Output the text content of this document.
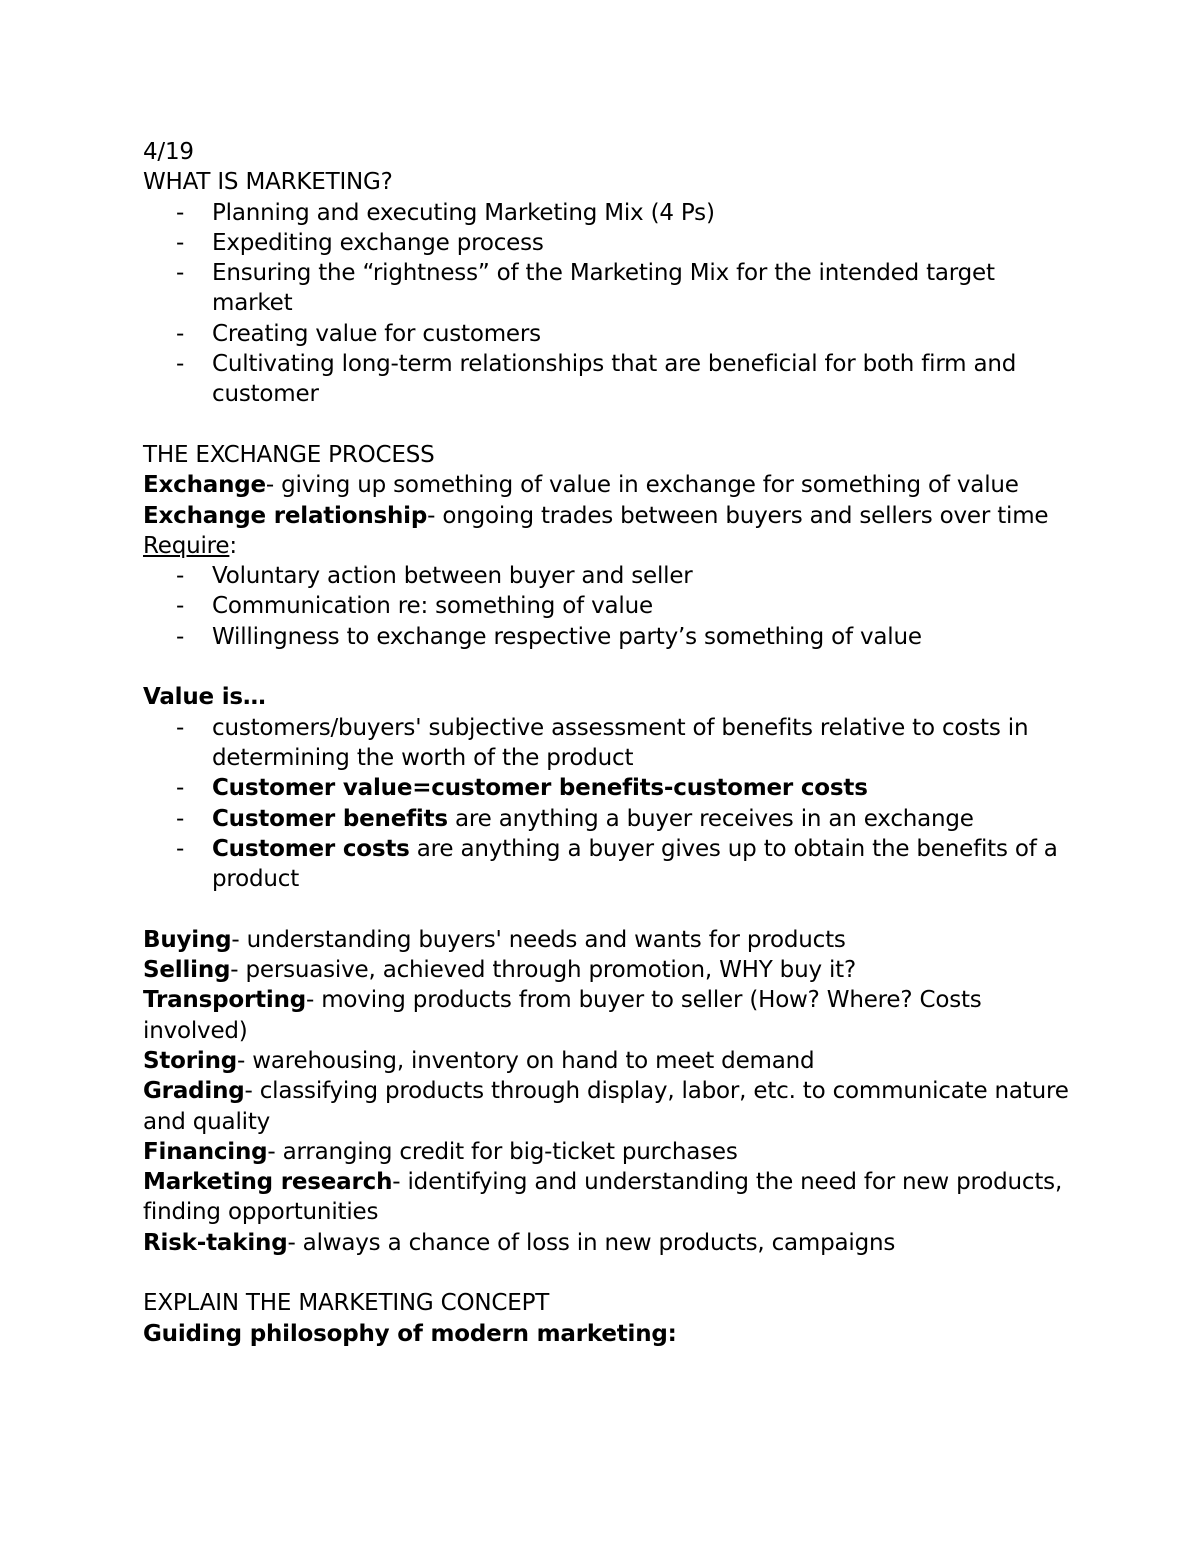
4/19

WHAT IS MARKETING?

- Planning and executing Marketing Mix (4 Ps)
- Expediting exchange process
- Ensuring the “rightness” of the Marketing Mix for the intended target market
- Creating value for customers
- Cultivating long-term relationships that are beneficial for both firm and customer

THE EXCHANGE PROCESS

Exchange- giving up something of value in exchange for something of value

Exchange relationship- ongoing trades between buyers and sellers over time

Require:

- Voluntary action between buyer and seller
- Communication re: something of value
- Willingness to exchange respective party’s something of value

Value is…

- customers/buyers' subjective assessment of benefits relative to costs in determining the worth of the product
- Customer value=customer benefits-customer costs
- Customer benefits are anything a buyer receives in an exchange
- Customer costs are anything a buyer gives up to obtain the benefits of a product

Buying- understanding buyers' needs and wants for products

Selling- persuasive, achieved through promotion, WHY buy it?

Transporting- moving products from buyer to seller (How? Where? Costs involved)

Storing- warehousing, inventory on hand to meet demand

Grading- classifying products through display, labor, etc. to communicate nature and quality

Financing- arranging credit for big-ticket purchases

Marketing research- identifying and understanding the need for new products, finding opportunities

Risk-taking- always a chance of loss in new products, campaigns

EXPLAIN THE MARKETING CONCEPT

Guiding philosophy of modern marketing:
